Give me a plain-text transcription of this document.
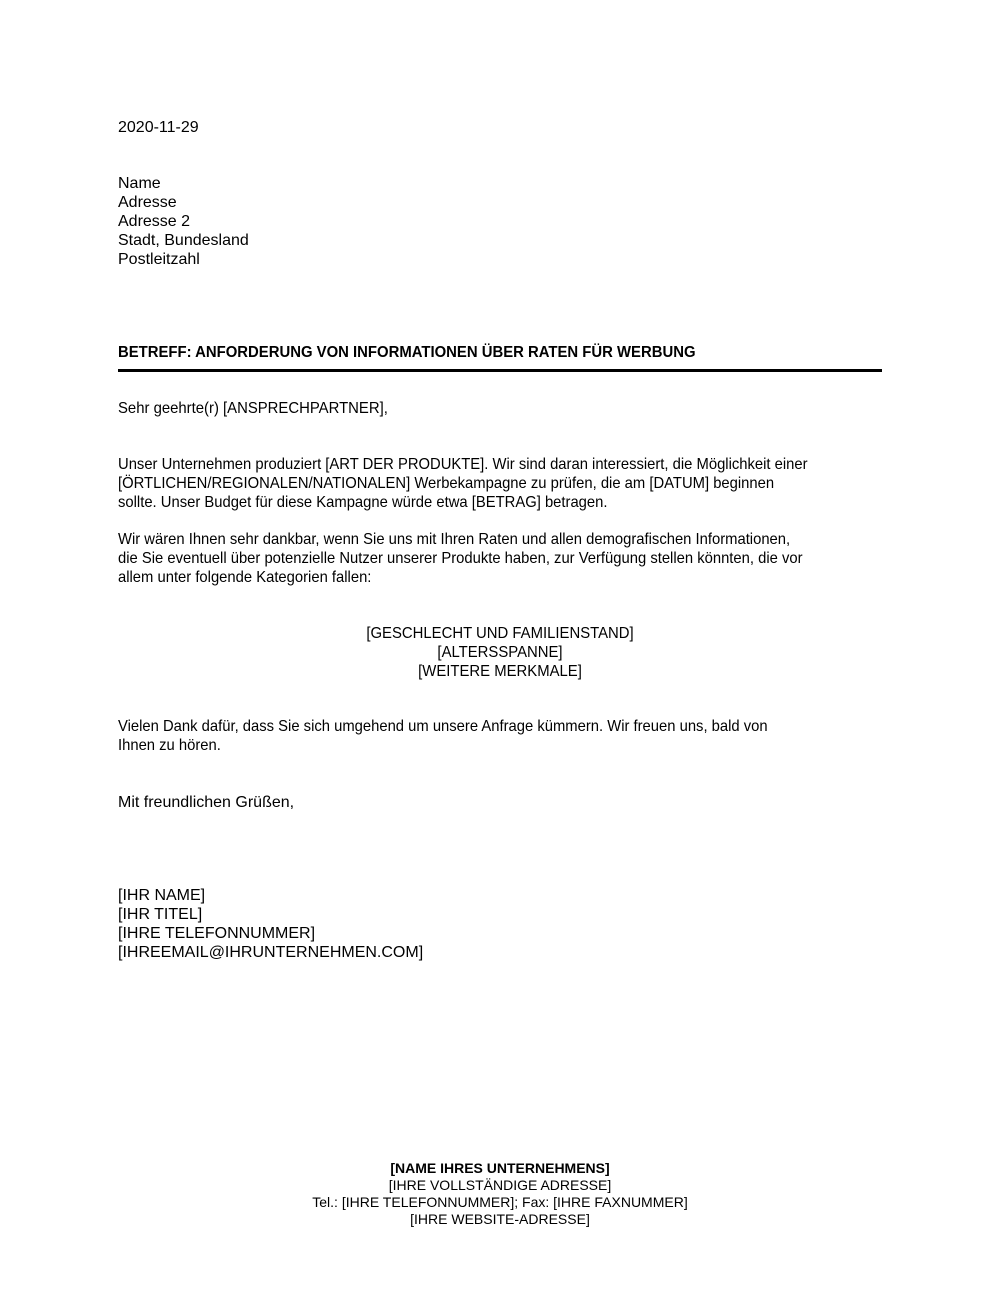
2020-11-29
Name
Adresse
Adresse 2
Stadt, Bundesland
Postleitzahl
BETREFF: ANFORDERUNG VON INFORMATIONEN ÜBER RATEN FÜR WERBUNG
Sehr geehrte(r) [ANSPRECHPARTNER],
Unser Unternehmen produziert [ART DER PRODUKTE]. Wir sind daran interessiert, die Möglichkeit einer
[ÖRTLICHEN/REGIONALEN/NATIONALEN] Werbekampagne zu prüfen, die am [DATUM] beginnen
sollte. Unser Budget für diese Kampagne würde etwa [BETRAG] betragen.
Wir wären Ihnen sehr dankbar, wenn Sie uns mit Ihren Raten und allen demografischen Informationen,
die Sie eventuell über potenzielle Nutzer unserer Produkte haben, zur Verfügung stellen könnten, die vor
allem unter folgende Kategorien fallen:
[GESCHLECHT UND FAMILIENSTAND]
[ALTERSSPANNE]
[WEITERE MERKMALE]
Vielen Dank dafür, dass Sie sich umgehend um unsere Anfrage kümmern. Wir freuen uns, bald von
Ihnen zu hören.
Mit freundlichen Grüßen,
[IHR NAME]
[IHR TITEL]
[IHRE TELEFONNUMMER]
[IHREEMAIL@IHRUNTERNEHMEN.COM]
[NAME IHRES UNTERNEHMENS]
[IHRE VOLLSTÄNDIGE ADRESSE]
Tel.: [IHRE TELEFONNUMMER]; Fax: [IHRE FAXNUMMER]
[IHRE WEBSITE-ADRESSE]
